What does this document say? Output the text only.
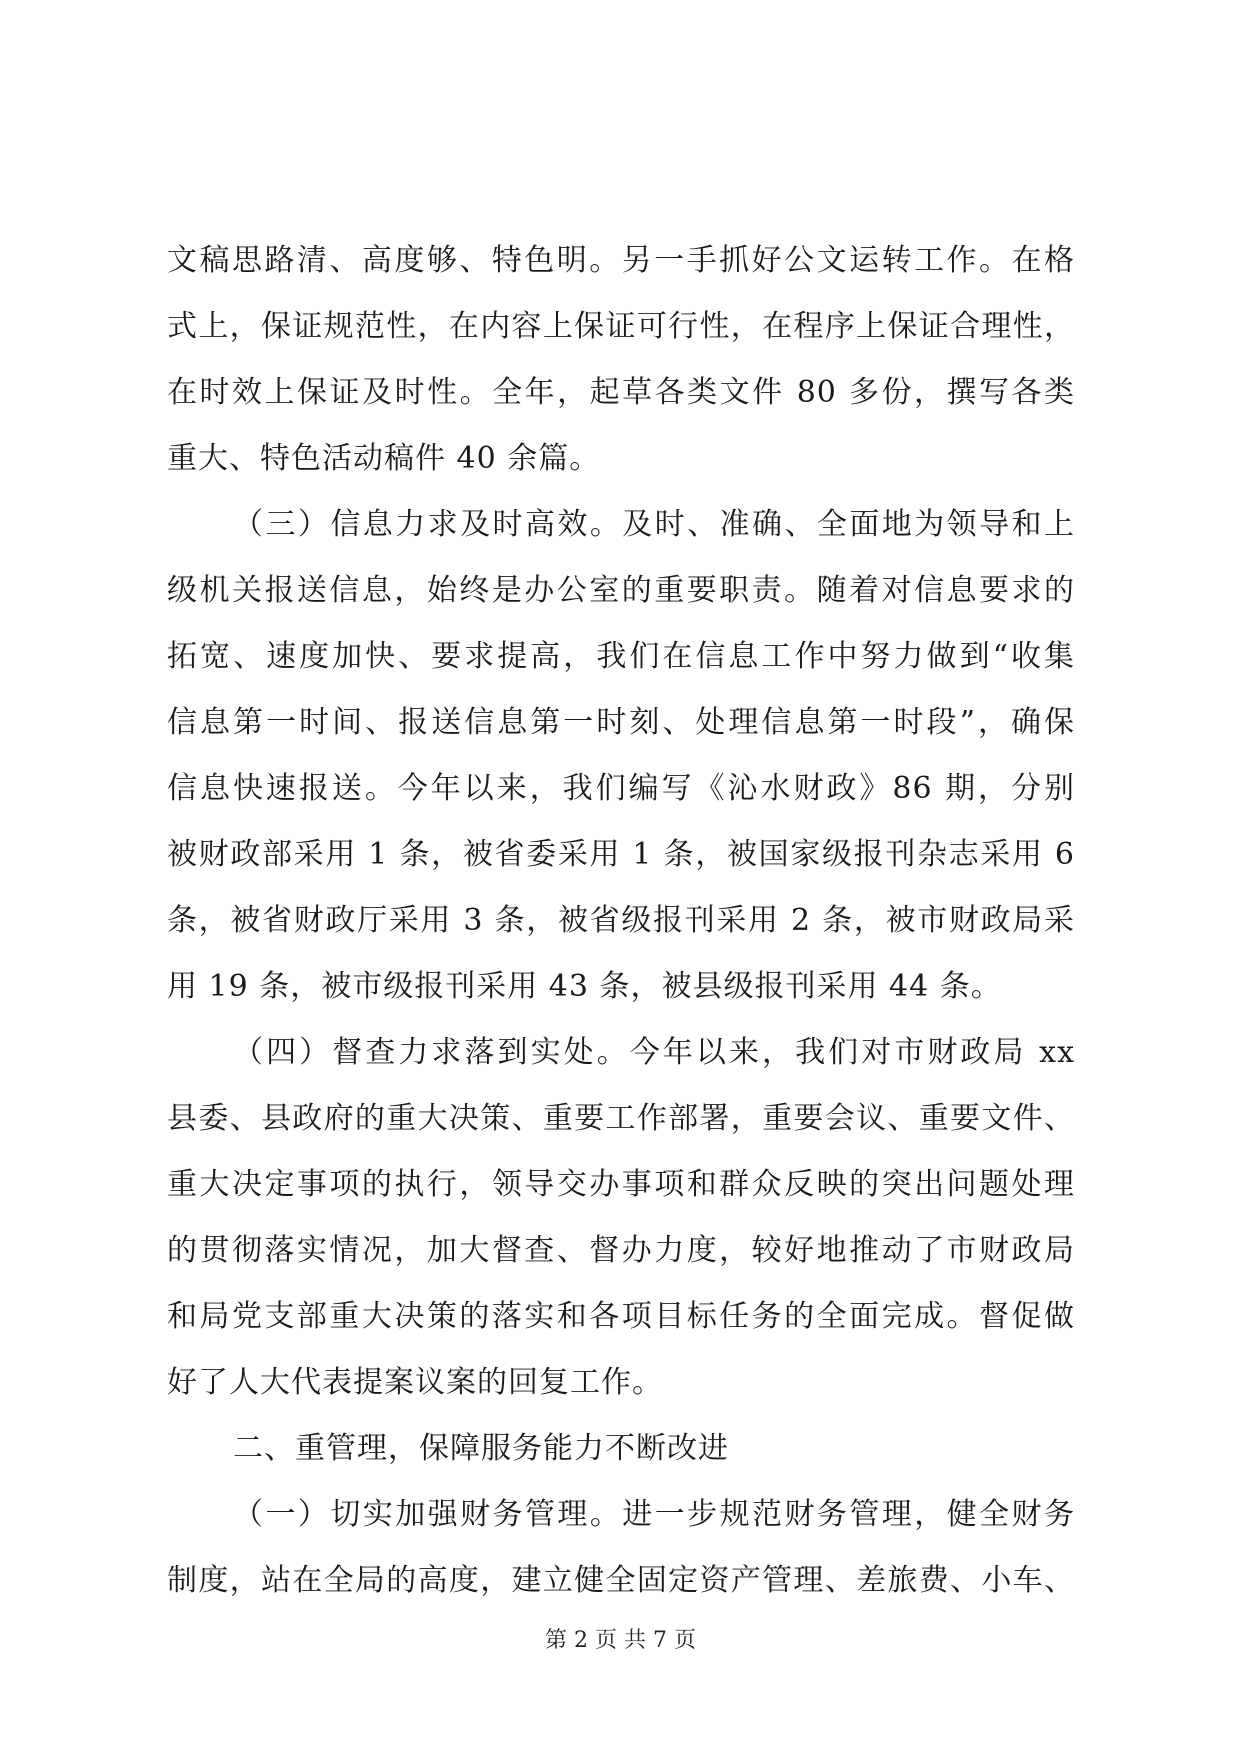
文稿思路清、高度够、特色明。另一手抓好公文运转工作。在格
式上，保证规范性，在内容上保证可行性，在程序上保证合理性，
在时效上保证及时性。全年，起草各类文件 80 多份，撰写各类
重大、特色活动稿件 40 余篇。
（三）信息力求及时高效。及时、准确、全面地为领导和上
级机关报送信息，始终是办公室的重要职责。随着对信息要求的
拓宽、速度加快、要求提高，我们在信息工作中努力做到“收集
信息第一时间、报送信息第一时刻、处理信息第一时段”，确保
信息快速报送。今年以来，我们编写《沁水财政》86 期，分别
被财政部采用 1 条，被省委采用 1 条，被国家级报刊杂志采用 6
条，被省财政厅采用 3 条，被省级报刊采用 2 条，被市财政局采
用 19 条，被市级报刊采用 43 条，被县级报刊采用 44 条。
（四）督查力求落到实处。今年以来，我们对市财政局 xx
县委、县政府的重大决策、重要工作部署，重要会议、重要文件、
重大决定事项的执行，领导交办事项和群众反映的突出问题处理
的贯彻落实情况，加大督查、督办力度，较好地推动了市财政局
和局党支部重大决策的落实和各项目标任务的全面完成。督促做
好了人大代表提案议案的回复工作。
二、重管理，保障服务能力不断改进
（一）切实加强财务管理。进一步规范财务管理，健全财务
制度，站在全局的高度，建立健全固定资产管理、差旅费、小车、
第 2 页 共 7 页
